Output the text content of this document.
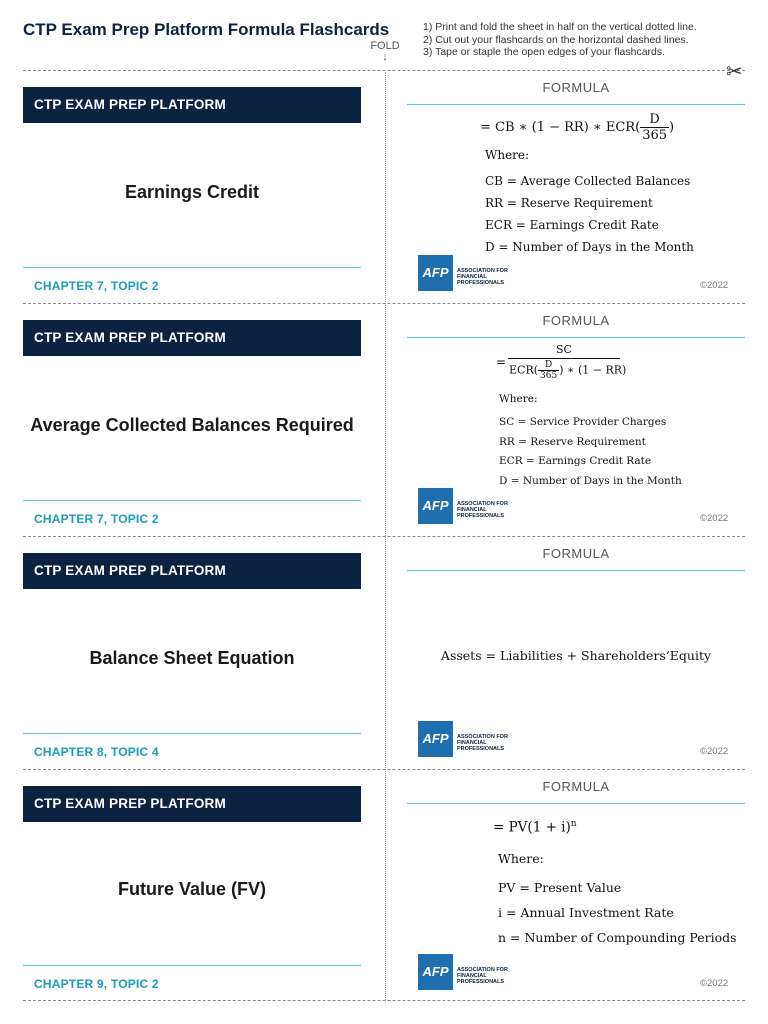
CTP Exam Prep Platform Formula Flashcards
FOLD
↓
1) Print and fold the sheet in half on the vertical dotted line.
2) Cut out your flashcards on the horizontal dashed lines.
3) Tape or staple the open edges of your flashcards.
✂
CTP EXAM PREP PLATFORM
Earnings Credit
CHAPTER 7, TOPIC 2
FORMULA
= CB ∗ (1 − RR) ∗ $ECR( \frac{D}{365}$ )
Where:
CB = Average Collected Balances
RR = Reserve Requirement
ECR = Earnings Credit Rate
D = Number of Days in the Month
AFP	ASSOCIATION FOR
FINANCIAL
PROFESSIONALS	©2022
CTP EXAM PREP PLATFORM
Average Collected Balances Required
CHAPTER 7, TOPIC 2
FORMULA
=
SC
$ECR( \frac{D}{365}$ ) ∗ (1 − RR)
Where:
SC = Service Provider Charges
RR = Reserve Requirement
ECR = Earnings Credit Rate
D = Number of Days in the Month
AFP	ASSOCIATION FOR
FINANCIAL
PROFESSIONALS	©2022
CTP EXAM PREP PLATFORM
Balance Sheet Equation
CHAPTER 8, TOPIC 4
FORMULA
Assets = Liabilities + Shareholders’Equity
AFP	ASSOCIATION FOR
FINANCIAL
PROFESSIONALS	©2022
CTP EXAM PREP PLATFORM
Future Value (FV)
CHAPTER 9, TOPIC 2
FORMULA
= $PV(1 + i)^n$
Where:
PV = Present Value
i = Annual Investment Rate
n = Number of Compounding Periods
AFP	ASSOCIATION FOR
FINANCIAL
PROFESSIONALS	©2022
